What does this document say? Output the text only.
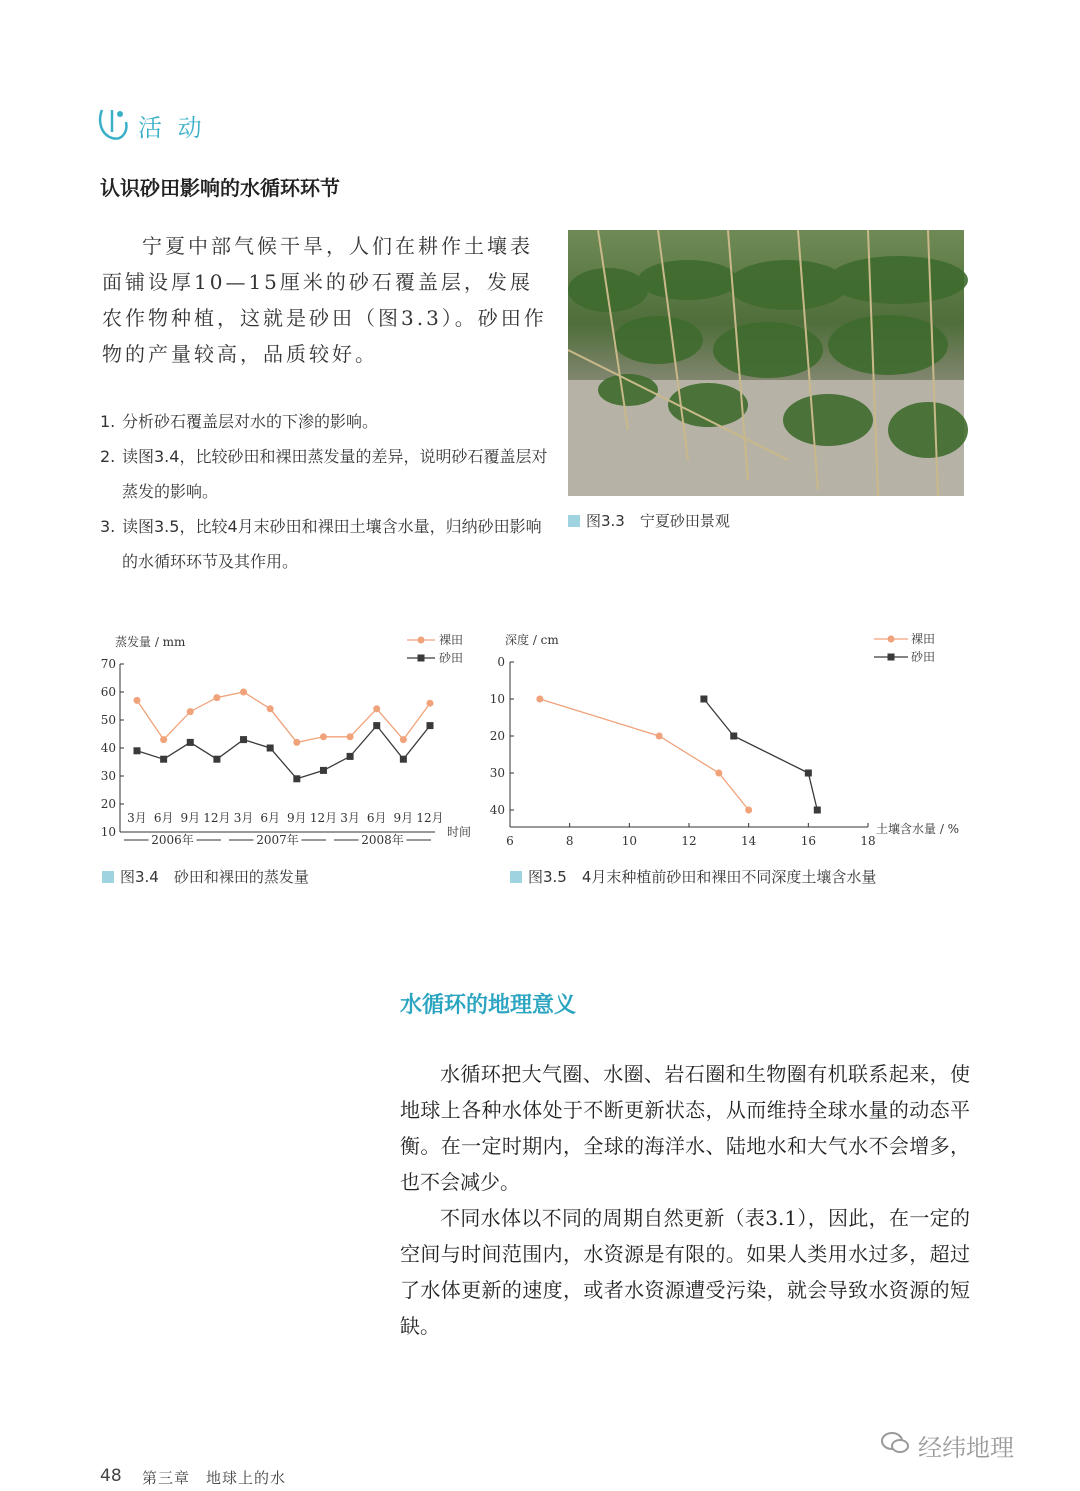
活 动
认识砂田影响的水循环环节
宁夏中部气候干旱，人们在耕作土壤表面铺设厚10—15厘米的砂石覆盖层，发展农作物种植，这就是砂田（图3.3）。砂田作物的产量较高，品质较好。
1. 分析砂石覆盖层对水的下渗的影响。
2. 读图3.4，比较砂田和裸田蒸发量的差异，说明砂石覆盖层对蒸发的影响。
3. 读图3.5，比较4月末砂田和裸田土壤含水量，归纳砂田影响的水循环环节及其作用。
图3.3　宁夏砂田景观
蒸发量 / mm
10
20
30
40
50
60
70
3月 6月 9月 12月 3月 6月 9月 12月 3月 6月 9月 12月
2006年	2007年	2008年
时间
裸田
砂田
图3.4　砂田和裸田的蒸发量
深度 / cm
0
10
20
30
40
6	8	10	12	14	16	18
土壤含水量 / %
裸田
砂田
图3.5　4月末种植前砂田和裸田不同深度土壤含水量
水循环的地理意义

水循环把大气圈、水圈、岩石圈和生物圈有机联系起来，使地球上各种水体处于不断更新状态，从而维持全球水量的动态平衡。在一定时期内，全球的海洋水、陆地水和大气水不会增多，也不会减少。

不同水体以不同的周期自然更新（表3.1），因此，在一定的空间与时间范围内，水资源是有限的。如果人类用水过多，超过了水体更新的速度，或者水资源遭受污染，就会导致水资源的短缺。

48 第三章　地球上的水
经纬地理
